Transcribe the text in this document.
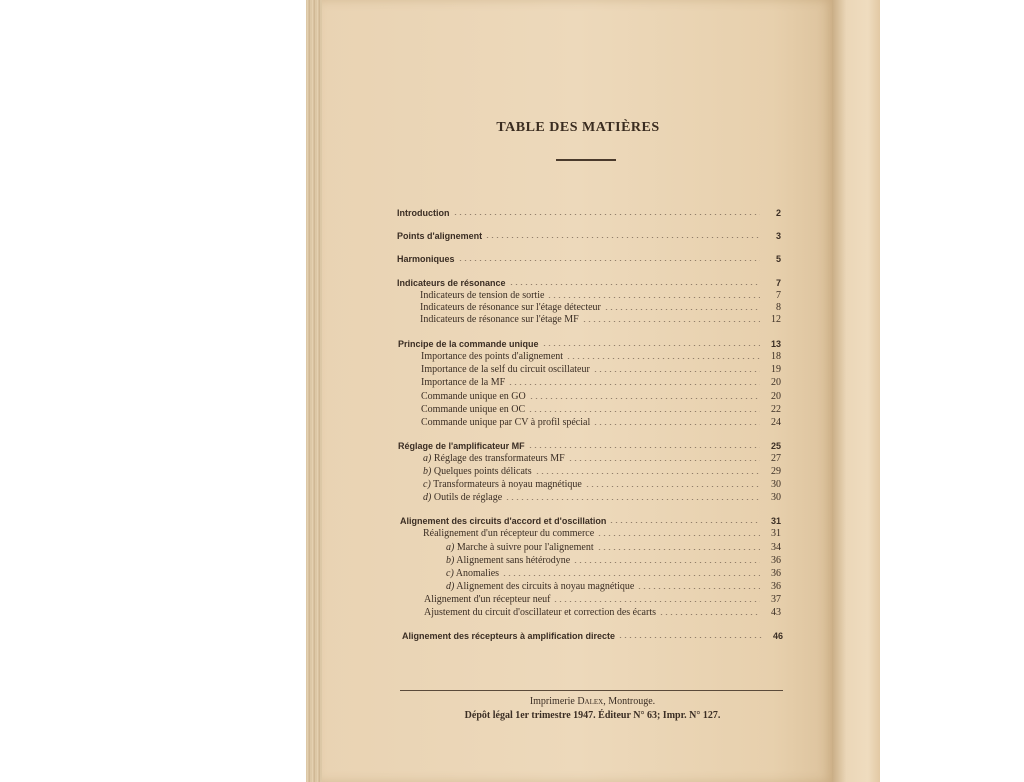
TABLE DES MATIÈRES
Introduction	2
Points d'alignement	3
Harmoniques	5
Indicateurs de résonance	7
Indicateurs de tension de sortie	7
Indicateurs de résonance sur l'étage détecteur	8
Indicateurs de résonance sur l'étage MF	12
Principe de la commande unique	13
Importance des points d'alignement	18
Importance de la self du circuit oscillateur	19
Importance de la MF	20
Commande unique en GO	20
Commande unique en OC	22
Commande unique par CV à profil spécial	24
Réglage de l'amplificateur MF	25
a) Réglage des transformateurs MF	27
b) Quelques points délicats	29
c) Transformateurs à noyau magnétique	30
d) Outils de réglage	30
Alignement des circuits d'accord et d'oscillation	31
Réalignement d'un récepteur du commerce	31
a) Marche à suivre pour l'alignement	34
b) Alignement sans hétérodyne	36
c) Anomalies	36
d) Alignement des circuits à noyau magnétique	36
Alignement d'un récepteur neuf	37
Ajustement du circuit d'oscillateur et correction des écarts	43
Alignement des récepteurs à amplification directe	46
Imprimerie Dalex, Montrouge.
Dépôt légal 1er trimestre 1947. Éditeur N° 63; Impr. N° 127.
